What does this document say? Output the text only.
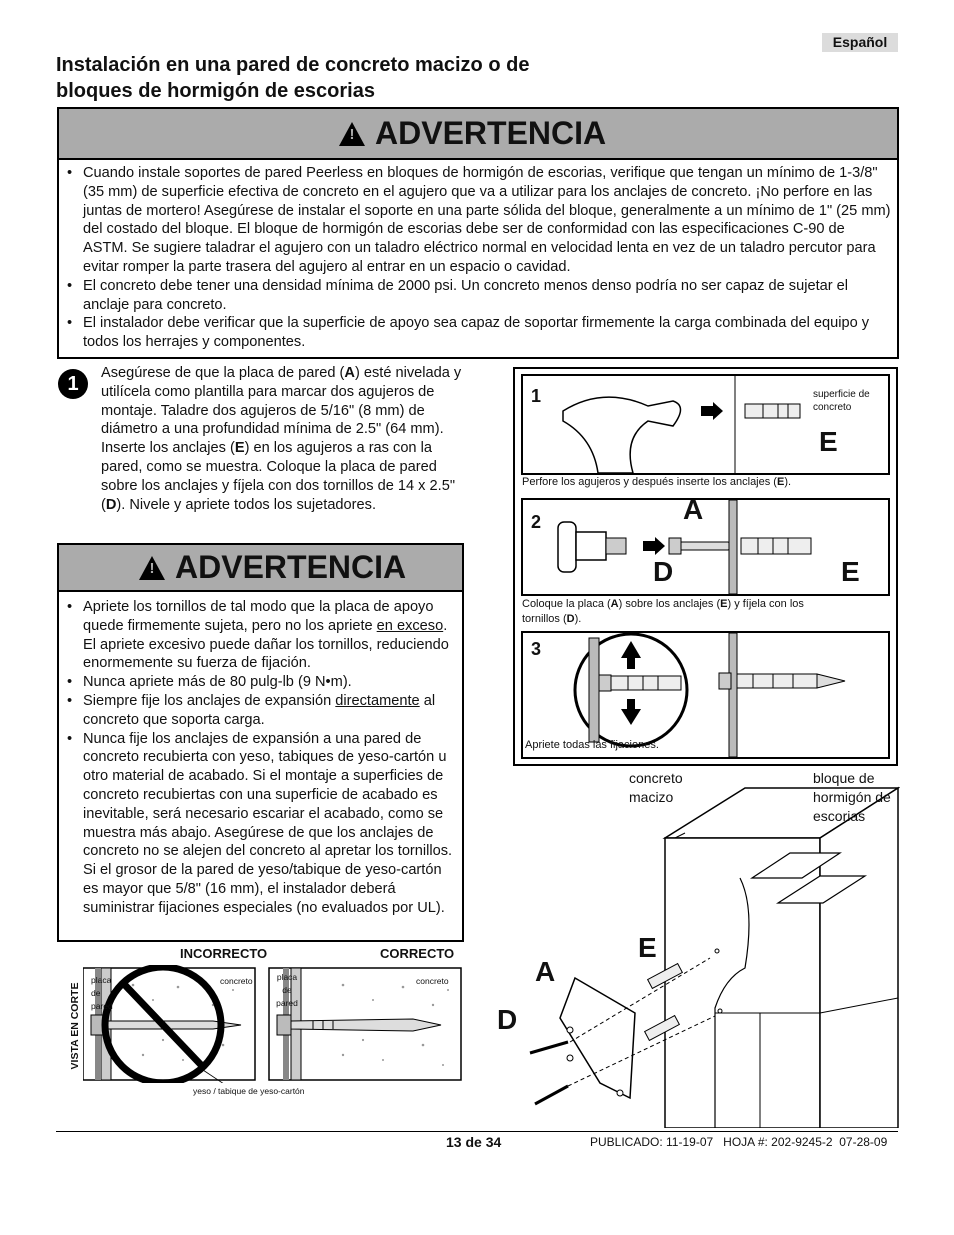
Español
Instalación en una pared de concreto macizo o de
bloques de hormigón de escorias
! ADVERTENCIA
• Cuando instale soportes de pared Peerless en bloques de hormigón de escorias, verifique que tengan un mínimo de 1-3/8" (35 mm) de superficie efectiva de concreto en el agujero que va a utilizar para los anclajes de concreto. ¡No perfore en las juntas de mortero! Asegúrese de instalar el soporte en una parte sólida del bloque, generalmente a un mínimo de 1" (25 mm) del costado del bloque. El bloque de hormigón de escorias debe ser de conformidad con las especificaciones C-90 de ASTM. Se sugiere taladrar el agujero con un taladro eléctrico normal en velocidad lenta en vez de un taladro percutor para evitar romper la parte trasera del agujero al entrar en un espacio o cavidad.
• El concreto debe tener una densidad mínima de 2000 psi. Un concreto menos denso podría no ser capaz de sujetar el anclaje para concreto.
• El instalador debe verificar que la superficie de apoyo sea capaz de soportar firmemente la carga combinada del equipo y todos los herrajes y componentes.
1	Asegúrese de que la placa de pared (A) esté nivelada y utilícela como plantilla para marcar dos agujeros de montaje. Taladre dos agujeros de 5/16" (8 mm) de diámetro a una profundidad mínima de 2.5" (64 mm). Inserte los anclajes (E) en los agujeros a ras con la pared, como se muestra. Coloque la placa de pared sobre los anclajes y fíjela con dos tornillos de 14 x 2.5" (D). Nivele y apriete todos los sujetadores.
! ADVERTENCIA
• Apriete los tornillos de tal modo que la placa de apoyo quede firmemente sujeta, pero no los apriete en exceso. El apriete excesivo puede dañar los tornillos, reduciendo enormemente su fuerza de fijación.
• Nunca apriete más de 80 pulg-lb (9 N•m).
• Siempre fije los anclajes de expansión directamente al concreto que soporta carga.
• Nunca fije los anclajes de expansión a una pared de concreto recubierta con yeso, tabiques de yeso-cartón u otro material de acabado. Si el montaje a superficies de concreto recubiertas con una superficie de acabado es inevitable, será necesario escariar el acabado, como se muestra más abajo. Asegúrese de que los anclajes de concreto no se alejen del concreto al apretar los tornillos. Si el grosor de la pared de yeso/tabique de yeso-cartón es mayor que 5/8" (16 mm), el instalador deberá suministrar fijaciones especiales (no evaluados por UL).
VISTA EN CORTE
INCORRECTO	CORRECTO
placa de pared
concreto	placa de pared
concreto
yeso / tabique de yeso-cartón
1	superficie de concreto
E
Perfore los agujeros y después inserte los anclajes (E).
2	A
D	E
Coloque la placa (A) sobre los anclajes (E) y fíjela con los tornillos (D).
3
Apriete todas las fijaciones.
concreto macizo
bloque de hormigón de escorias
A
D
E
13 de 34	PUBLICADO: 11-19-07   HOJA #: 202-9245-2  07-28-09
